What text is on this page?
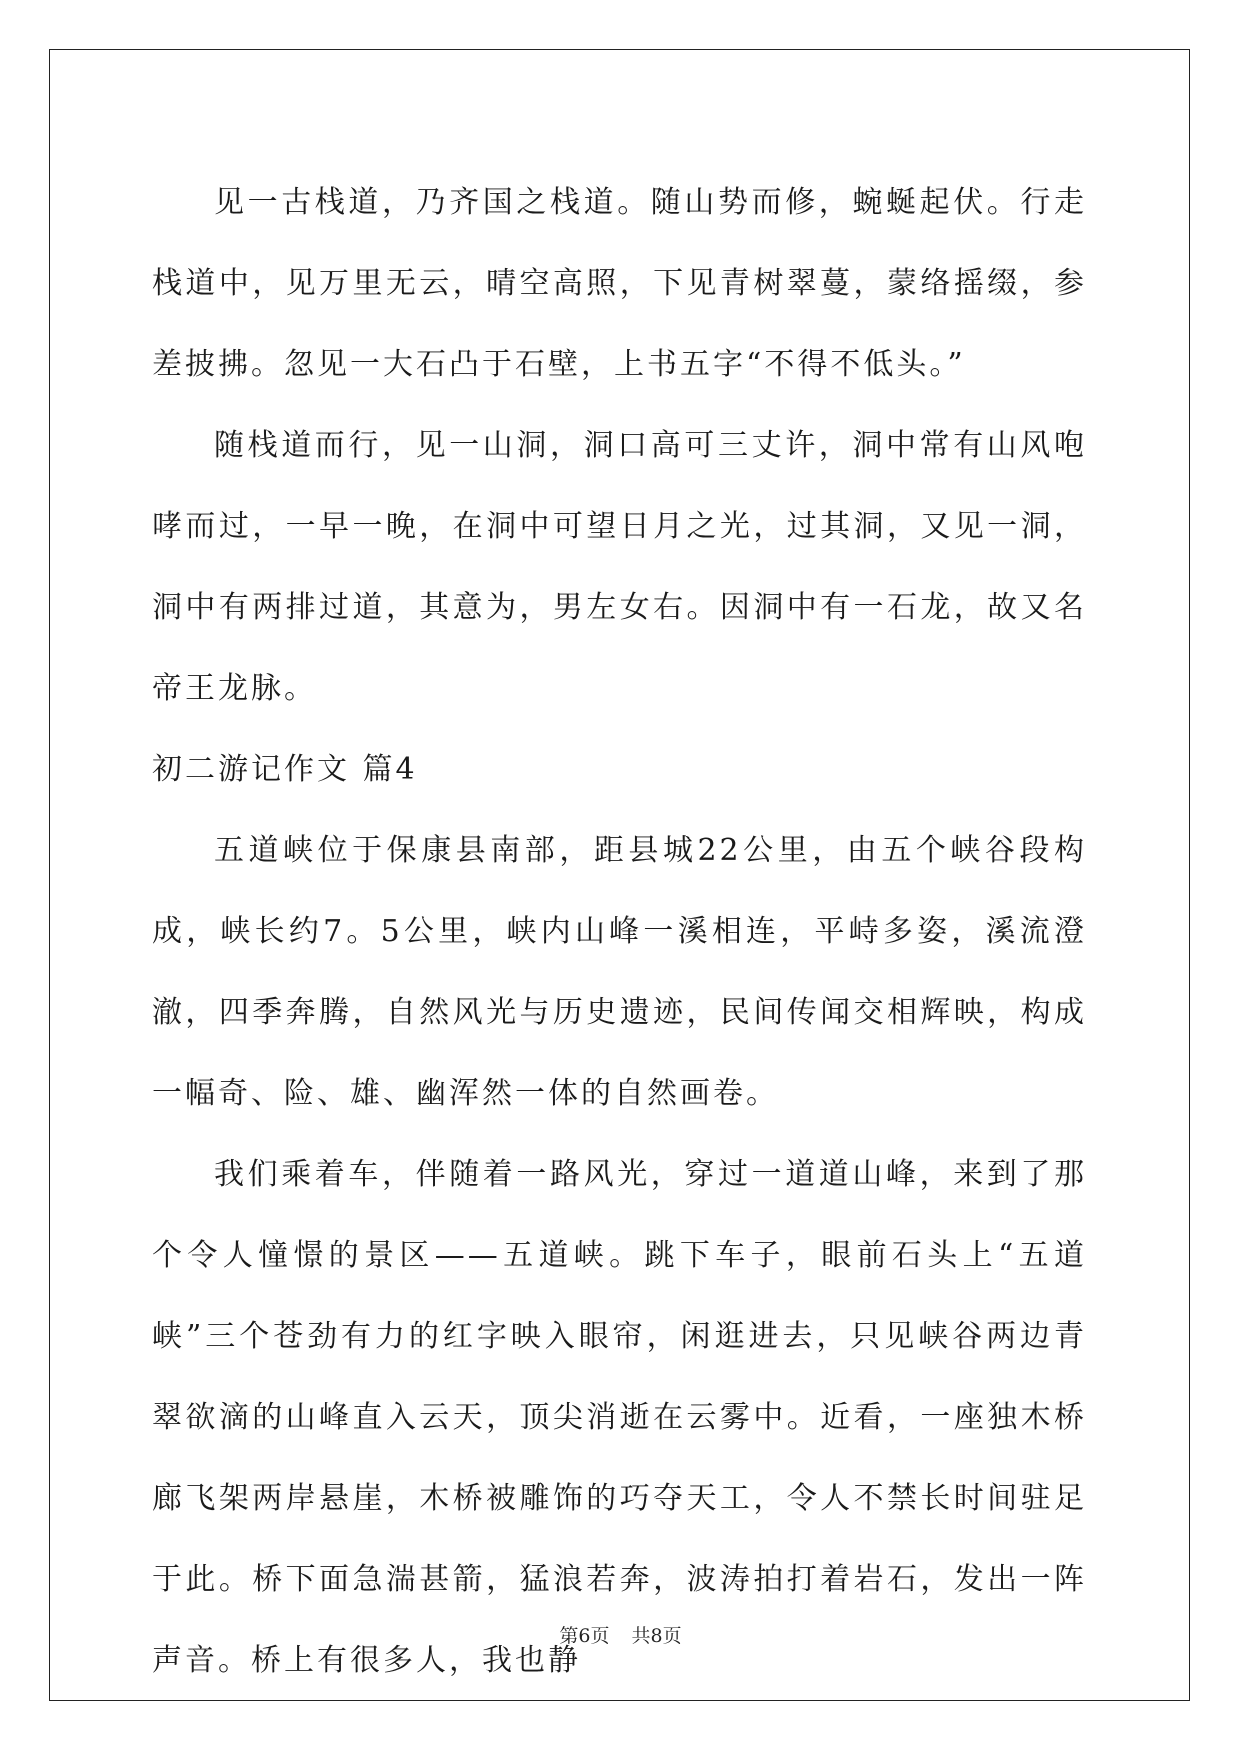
见一古栈道，乃齐国之栈道。随山势而修，蜿蜒起伏。行走栈道中，见万里无云，晴空高照，下见青树翠蔓，蒙络摇缀，参差披拂。忽见一大石凸于石壁，上书五字“不得不低头。”

随栈道而行，见一山洞，洞口高可三丈许，洞中常有山风咆哮而过，一早一晚，在洞中可望日月之光，过其洞，又见一洞，洞中有两排过道，其意为，男左女右。因洞中有一石龙，故又名帝王龙脉。

初二游记作文 篇4

五道峡位于保康县南部，距县城22公里，由五个峡谷段构成，峡长约7。5公里，峡内山峰一溪相连，平峙多姿，溪流澄澈，四季奔腾，自然风光与历史遗迹，民间传闻交相辉映，构成一幅奇、险、雄、幽浑然一体的自然画卷。

我们乘着车，伴随着一路风光，穿过一道道山峰，来到了那个令人憧憬的景区——五道峡。跳下车子，眼前石头上“五道峡”三个苍劲有力的红字映入眼帘，闲逛进去，只见峡谷两边青翠欲滴的山峰直入云天，顶尖消逝在云雾中。近看，一座独木桥廊飞架两岸悬崖，木桥被雕饰的巧夺天工，令人不禁长时间驻足于此。桥下面急湍甚箭，猛浪若奔，波涛拍打着岩石，发出一阵声音。桥上有很多人，我也静

第6页 共8页
